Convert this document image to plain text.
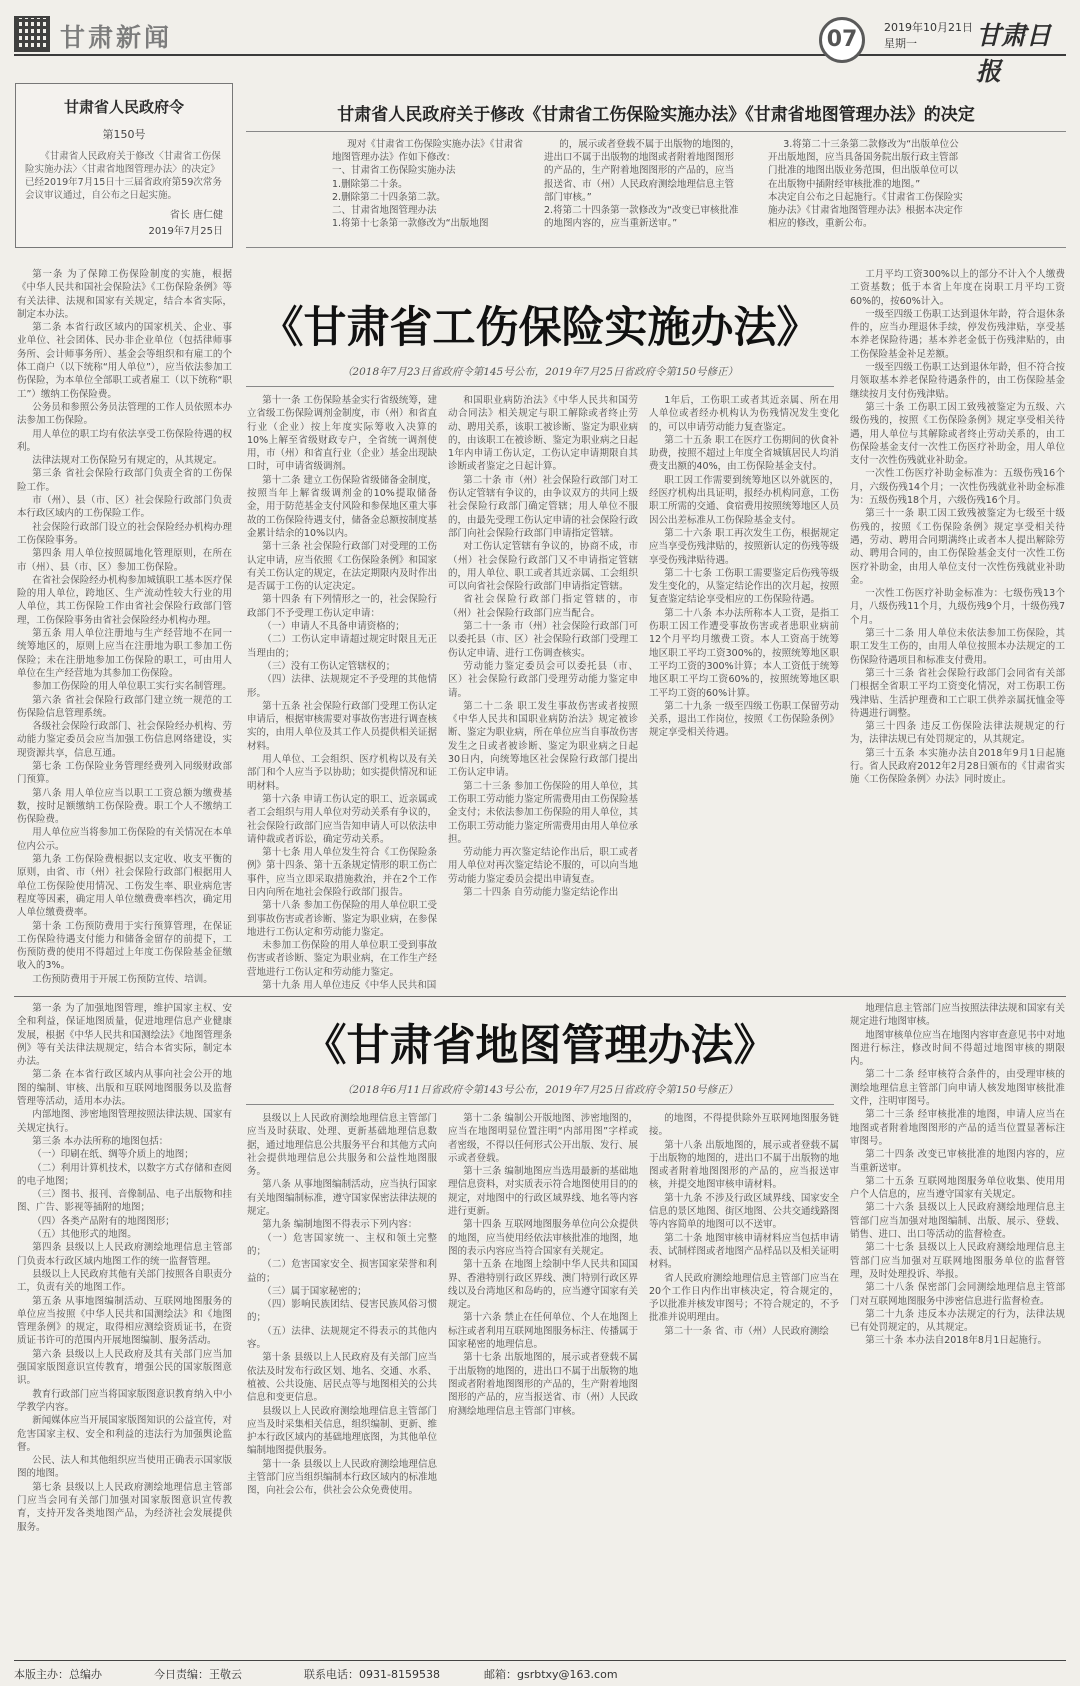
甘肃新闻	07	2019年10月21日
星期一	甘肃日报
甘肃省人民政府令
第150号
《甘肃省人民政府关于修改〈甘肃省工伤保险实施办法〉〈甘肃省地图管理办法〉的决定》已经2019年7月15日十三届省政府第59次常务会议审议通过，自公布之日起实施。
省长 唐仁健
2019年7月25日
甘肃省人民政府关于修改《甘肃省工伤保险实施办法》《甘肃省地图管理办法》的决定

现对《甘肃省工伤保险实施办法》《甘肃省地图管理办法》作如下修改：

一、甘肃省工伤保险实施办法

1.删除第二十条。

2.删除第二十四条第二款。

二、甘肃省地图管理办法

1.将第十七条第一款修改为“出版地图

的，展示或者登载不属于出版物的地图的，进出口不属于出版物的地图或者附着地图图形的产品的，生产附着地图图形的产品的，应当报送省、市（州）人民政府测绘地理信息主管部门审核。”

2.将第二十四条第一款修改为“改变已审核批准的地图内容的，应当重新送审。”

3.将第二十三条第二款修改为“出版单位公开出版地图，应当具备国务院出版行政主管部门批准的地图出版业务范围，但出版单位可以在出版物中插附经审核批准的地图。”

本决定自公布之日起施行。《甘肃省工伤保险实施办法》《甘肃省地图管理办法》根据本决定作相应的修改，重新公布。

第一条 为了保障工伤保险制度的实施，根据《中华人民共和国社会保险法》《工伤保险条例》等有关法律、法规和国家有关规定，结合本省实际，制定本办法。

第二条 本省行政区域内的国家机关、企业、事业单位、社会团体、民办非企业单位（包括律师事务所、会计师事务所）、基金会等组织和有雇工的个体工商户（以下统称“用人单位”），应当依法参加工伤保险，为本单位全部职工或者雇工（以下统称“职工”）缴纳工伤保险费。

公务员和参照公务员法管理的工作人员依照本办法参加工伤保险。

用人单位的职工均有依法享受工伤保险待遇的权利。

法律法规对工伤保险另有规定的，从其规定。

第三条 省社会保险行政部门负责全省的工伤保险工作。

市（州）、县（市、区）社会保险行政部门负责本行政区域内的工伤保险工作。

社会保险行政部门设立的社会保险经办机构办理工伤保险事务。

第四条 用人单位按照属地化管理原则，在所在市（州）、县（市、区）参加工伤保险。

在省社会保险经办机构参加城镇职工基本医疗保险的用人单位，跨地区、生产流动性较大行业的用人单位，其工伤保险工作由省社会保险行政部门管理，工伤保险事务由省社会保险经办机构办理。

第五条 用人单位注册地与生产经营地不在同一统筹地区的，原则上应当在注册地为职工参加工伤保险；未在注册地参加工伤保险的职工，可由用人单位在生产经营地为其参加工伤保险。

参加工伤保险的用人单位职工实行实名制管理。

第六条 省社会保险行政部门建立统一规范的工伤保险信息管理系统。

各级社会保险行政部门、社会保险经办机构、劳动能力鉴定委员会应当加强工伤信息网络建设，实现资源共享，信息互通。

第七条 工伤保险业务管理经费列入同级财政部门预算。

第八条 用人单位应当以职工工资总额为缴费基数，按时足额缴纳工伤保险费。职工个人不缴纳工伤保险费。

用人单位应当将参加工伤保险的有关情况在本单位内公示。

第九条 工伤保险费根据以支定收、收支平衡的原则，由省、市（州）社会保险行政部门根据用人单位工伤保险使用情况、工伤发生率、职业病危害程度等因素，确定用人单位缴费费率档次，确定用人单位缴费费率。

第十条 工伤预防费用于实行预算管理，在保证工伤保险待遇支付能力和储备金留存的前提下，工伤预防费的使用不得超过上年度工伤保险基金征缴收入的3%。

工伤预防费用于开展工伤预防宣传、培训。

《甘肃省工伤保险实施办法》
（2018年7月23日省政府令第145号公布，2019年7月25日省政府令第150号修正）

第十一条 工伤保险基金实行省级统筹，建立省级工伤保险调剂金制度，市（州）和省直行业（企业）按上年度实际筹收入决算的10%上解至省级财政专户，全省统一调剂使用，市（州）和省直行业（企业）基金出现缺口时，可申请省级调剂。

第十二条 建立工伤保险省级储备金制度，按照当年上解省级调剂金的10%提取储备金，用于防范基金支付风险和参保地区重大事故的工伤保险待遇支付，储备金总额按制度基金累计结余的10%以内。

第十三条 社会保险行政部门对受理的工伤认定申请，应当依照《工伤保险条例》和国家有关工伤认定的规定，在法定期限内及时作出是否属于工伤的认定决定。

第十四条 有下列情形之一的，社会保险行政部门不予受理工伤认定申请：

（一）申请人不具备申请资格的；

（二）工伤认定申请超过规定时限且无正当理由的；

（三）没有工伤认定管辖权的；

（四）法律、法规规定不予受理的其他情形。

第十五条 社会保险行政部门受理工伤认定申请后，根据审核需要对事故伤害进行调查核实的，由用人单位及其工作人员提供相关证据材料。

用人单位、工会组织、医疗机构以及有关部门和个人应当予以协助；如实提供情况和证明材料。

第十六条 申请工伤认定的职工、近亲属或者工会组织与用人单位对劳动关系有争议的，社会保险行政部门应当告知申请人可以依法申请仲裁或者诉讼，确定劳动关系。

第十七条 用人单位发生符合《工伤保险条例》第十四条、第十五条规定情形的职工伤亡事件，应当立即采取措施救治，并在2个工作日内向所在地社会保险行政部门报告。

第十八条 参加工伤保险的用人单位职工受到事故伤害或者诊断、鉴定为职业病，在参保地进行工伤认定和劳动能力鉴定。

未参加工伤保险的用人单位职工受到事故伤害或者诊断、鉴定为职业病，在工作生产经营地进行工伤认定和劳动能力鉴定。

第十九条 用人单位违反《中华人民共和国

和国职业病防治法》《中华人民共和国劳动合同法》相关规定与职工解除或者终止劳动、聘用关系，该职工被诊断、鉴定为职业病的，由该职工在被诊断、鉴定为职业病之日起1年内申请工伤认定，工伤认定申请期限自其诊断或者鉴定之日起计算。

第二十条 市（州）社会保险行政部门对工伤认定管辖有争议的，由争议双方的共同上级社会保险行政部门确定管辖；用人单位不服的，由最先受理工伤认定申请的社会保险行政部门向社会保险行政部门申请指定管辖。

对工伤认定管辖有争议的，协商不成，市（州）社会保险行政部门又不申请指定管辖的，用人单位、职工或者其近亲属、工会组织可以向省社会保险行政部门申请指定管辖。

省社会保险行政部门指定管辖的，市（州）社会保险行政部门应当配合。

第二十一条 市（州）社会保险行政部门可以委托县（市、区）社会保险行政部门受理工伤认定申请、进行工伤调查核实。

劳动能力鉴定委员会可以委托县（市、区）社会保险行政部门受理劳动能力鉴定申请。

第二十二条 职工发生事故伤害或者按照《中华人民共和国职业病防治法》规定被诊断、鉴定为职业病，所在单位应当自事故伤害发生之日或者被诊断、鉴定为职业病之日起30日内，向统筹地区社会保险行政部门提出工伤认定申请。

第二十三条 参加工伤保险的用人单位，其工伤职工劳动能力鉴定所需费用由工伤保险基金支付；未依法参加工伤保险的用人单位，其工伤职工劳动能力鉴定所需费用由用人单位承担。

劳动能力再次鉴定结论作出后，职工或者用人单位对再次鉴定结论不服的，可以向当地劳动能力鉴定委员会提出申请复查。

第二十四条 自劳动能力鉴定结论作出

1年后，工伤职工或者其近亲属、所在用人单位或者经办机构认为伤残情况发生变化的，可以申请劳动能力复查鉴定。

第二十五条 职工在医疗工伤期间的伙食补助费，按照不超过上年度全省城镇居民人均消费支出额的40%，由工伤保险基金支付。

职工因工作需要到统筹地区以外就医的，经医疗机构出具证明，报经办机构同意，工伤职工所需的交通、食宿费用按照统筹地区人员因公出差标准从工伤保险基金支付。

第二十六条 职工再次发生工伤，根据规定应当享受伤残津贴的，按照新认定的伤残等级享受伤残津贴待遇。

第二十七条 工伤职工需要鉴定后伤残等级发生变化的，从鉴定结论作出的次月起，按照复查鉴定结论享受相应的工伤保险待遇。

第二十八条 本办法所称本人工资，是指工伤职工因工作遭受事故伤害或者患职业病前12个月平均月缴费工资。本人工资高于统筹地区职工平均工资300%的，按照统筹地区职工平均工资的300%计算；本人工资低于统筹地区职工平均工资60%的，按照统筹地区职工平均工资的60%计算。

第二十九条 一级至四级工伤职工保留劳动关系，退出工作岗位，按照《工伤保险条例》规定享受相关待遇。

工月平均工资300%以上的部分不计入个人缴费工资基数；低于本省上年度在岗职工月平均工资60%的，按60%计入。

一级至四级工伤职工达到退休年龄，符合退休条件的，应当办理退休手续，停发伤残津贴，享受基本养老保险待遇；基本养老金低于伤残津贴的，由工伤保险基金补足差额。

一级至四级工伤职工达到退休年龄，但不符合按月领取基本养老保险待遇条件的，由工伤保险基金继续按月支付伤残津贴。

第三十条 工伤职工因工致残被鉴定为五级、六级伤残的，按照《工伤保险条例》规定享受相关待遇，用人单位与其解除或者终止劳动关系的，由工伤保险基金支付一次性工伤医疗补助金，用人单位支付一次性伤残就业补助金。

一次性工伤医疗补助金标准为：五级伤残16个月，六级伤残14个月；一次性伤残就业补助金标准为：五级伤残18个月，六级伤残16个月。

第三十一条 职工因工致残被鉴定为七级至十级伤残的，按照《工伤保险条例》规定享受相关待遇，劳动、聘用合同期满终止或者本人提出解除劳动、聘用合同的，由工伤保险基金支付一次性工伤医疗补助金，由用人单位支付一次性伤残就业补助金。

一次性工伤医疗补助金标准为：七级伤残13个月，八级伤残11个月，九级伤残9个月，十级伤残7个月。

第三十二条 用人单位未依法参加工伤保险，其职工发生工伤的，由用人单位按照本办法规定的工伤保险待遇项目和标准支付费用。

第三十三条 省社会保险行政部门会同省有关部门根据全省职工平均工资变化情况，对工伤职工伤残津贴、生活护理费和工亡职工供养亲属抚恤金等待遇进行调整。

第三十四条 违反工伤保险法律法规规定的行为，法律法规已有处罚规定的，从其规定。

第三十五条 本实施办法自2018年9月1日起施行。省人民政府2012年2月28日颁布的《甘肃省实施〈工伤保险条例〉办法》同时废止。

第一条 为了加强地图管理，维护国家主权、安全和利益，保证地图质量，促进地理信息产业健康发展，根据《中华人民共和国测绘法》《地图管理条例》等有关法律法规规定，结合本省实际，制定本办法。

第二条 在本省行政区域内从事向社会公开的地图的编制、审核、出版和互联网地图服务以及监督管理等活动，适用本办法。

内部地图、涉密地图管理按照法律法规、国家有关规定执行。

第三条 本办法所称的地图包括：

（一）印刷在纸、绸等介质上的地图；

（二）利用计算机技术，以数字方式存储和查阅的电子地图；

（三）图书、报刊、音像制品、电子出版物和挂图、广告、影视等插附的地图；

（四）各类产品附有的地图图形；

（五）其他形式的地图。

第四条 县级以上人民政府测绘地理信息主管部门负责本行政区域内地图工作的统一监督管理。

县级以上人民政府其他有关部门按照各自职责分工，负责有关的地图工作。

第五条 从事地图编制活动、互联网地图服务的单位应当按照《中华人民共和国测绘法》和《地图管理条例》的规定，取得相应测绘资质证书，在资质证书许可的范围内开展地图编制、服务活动。

第六条 县级以上人民政府及其有关部门应当加强国家版图意识宣传教育，增强公民的国家版图意识。

教育行政部门应当将国家版图意识教育纳入中小学教学内容。

新闻媒体应当开展国家版图知识的公益宣传，对危害国家主权、安全和利益的违法行为加强舆论监督。

公民、法人和其他组织应当使用正确表示国家版图的地图。

第七条 县级以上人民政府测绘地理信息主管部门应当会同有关部门加强对国家版图意识宣传教育，支持开发各类地图产品，为经济社会发展提供服务。

《甘肃省地图管理办法》
（2018年6月11日省政府令第143号公布，2019年7月25日省政府令第150号修正）

县级以上人民政府测绘地理信息主管部门应当及时获取、处理、更新基础地理信息数据，通过地理信息公共服务平台和其他方式向社会提供地理信息公共服务和公益性地图服务。

第八条 从事地图编制活动，应当执行国家有关地图编制标准，遵守国家保密法律法规的规定。

第九条 编制地图不得表示下列内容：

（一）危害国家统一、主权和领土完整的；

（二）危害国家安全、损害国家荣誉和利益的；

（三）属于国家秘密的；

（四）影响民族团结、侵害民族风俗习惯的；

（五）法律、法规规定不得表示的其他内容。

第十条 县级以上人民政府及有关部门应当依法及时发布行政区划、地名、交通、水系、植被、公共设施、居民点等与地图相关的公共信息和变更信息。

县级以上人民政府测绘地理信息主管部门应当及时采集相关信息，组织编制、更新、维护本行政区域内的基础地理底图，为其他单位编制地图提供服务。

第十一条 县级以上人民政府测绘地理信息主管部门应当组织编制本行政区域内的标准地图，向社会公布，供社会公众免费使用。

第十二条 编制公开版地图、涉密地图的，应当在地图明显位置注明“内部用图”字样或者密级，不得以任何形式公开出版、发行、展示或者登载。

第十三条 编制地图应当选用最新的基础地理信息资料，对实质表示符合地图使用目的的规定，对地图中的行政区域界线、地名等内容进行更新。

第十四条 互联网地图服务单位向公众提供的地图，应当使用经依法审核批准的地图，地图的表示内容应当符合国家有关规定。

第十五条 在地图上绘制中华人民共和国国界、香港特别行政区界线、澳门特别行政区界线以及台湾地区和岛屿的，应当遵守国家有关规定。

第十六条 禁止在任何单位、个人在地图上标注或者利用互联网地图服务标注、传播属于国家秘密的地理信息。

第十七条 出版地图的，展示或者登载不属于出版物的地图的，进出口不属于出版物的地图或者附着地图图形的产品的，生产附着地图图形的产品的，应当报送省、市（州）人民政府测绘地理信息主管部门审核。

的地图，不得提供除外互联网地图服务链接。

第十八条 出版地图的，展示或者登载不属于出版物的地图的，进出口不属于出版物的地图或者附着地图图形的产品的，应当报送审核，并提交地图审核申请材料。

第十九条 不涉及行政区域界线、国家安全信息的景区地图、街区地图、公共交通线路图等内容简单的地图可以不送审。

第二十条 地图审核申请材料应当包括申请表、试制样图或者地图产品样品以及相关证明材料。

省人民政府测绘地理信息主管部门应当在20个工作日内作出审核决定，符合规定的，予以批准并核发审图号；不符合规定的，不予批准并说明理由。

第二十一条 省、市（州）人民政府测绘

地理信息主管部门应当按照法律法规和国家有关规定进行地图审核。

地图审核单位应当在地图内容审查意见书中对地图进行标注，修改时间不得超过地图审核的期限内。

第二十二条 经审核符合条件的，由受理审核的测绘地理信息主管部门向申请人核发地图审核批准文件，注明审图号。

第二十三条 经审核批准的地图，申请人应当在地图或者附着地图图形的产品的适当位置显著标注审图号。

第二十四条 改变已审核批准的地图内容的，应当重新送审。

第二十五条 互联网地图服务单位收集、使用用户个人信息的，应当遵守国家有关规定。

第二十六条 县级以上人民政府测绘地理信息主管部门应当加强对地图编制、出版、展示、登载、销售、进口、出口等活动的监督检查。

第二十七条 县级以上人民政府测绘地理信息主管部门应当加强对互联网地图服务单位的监督管理，及时处理投诉、举报。

第二十八条 保密部门会同测绘地理信息主管部门对互联网地图服务中涉密信息进行监督检查。

第二十九条 违反本办法规定的行为，法律法规已有处罚规定的，从其规定。

第三十条 本办法自2018年8月1日起施行。

本版主办：总编办	今日责编：王敬云	联系电话：0931-8159538	邮箱：gsrbtxy@163.com
